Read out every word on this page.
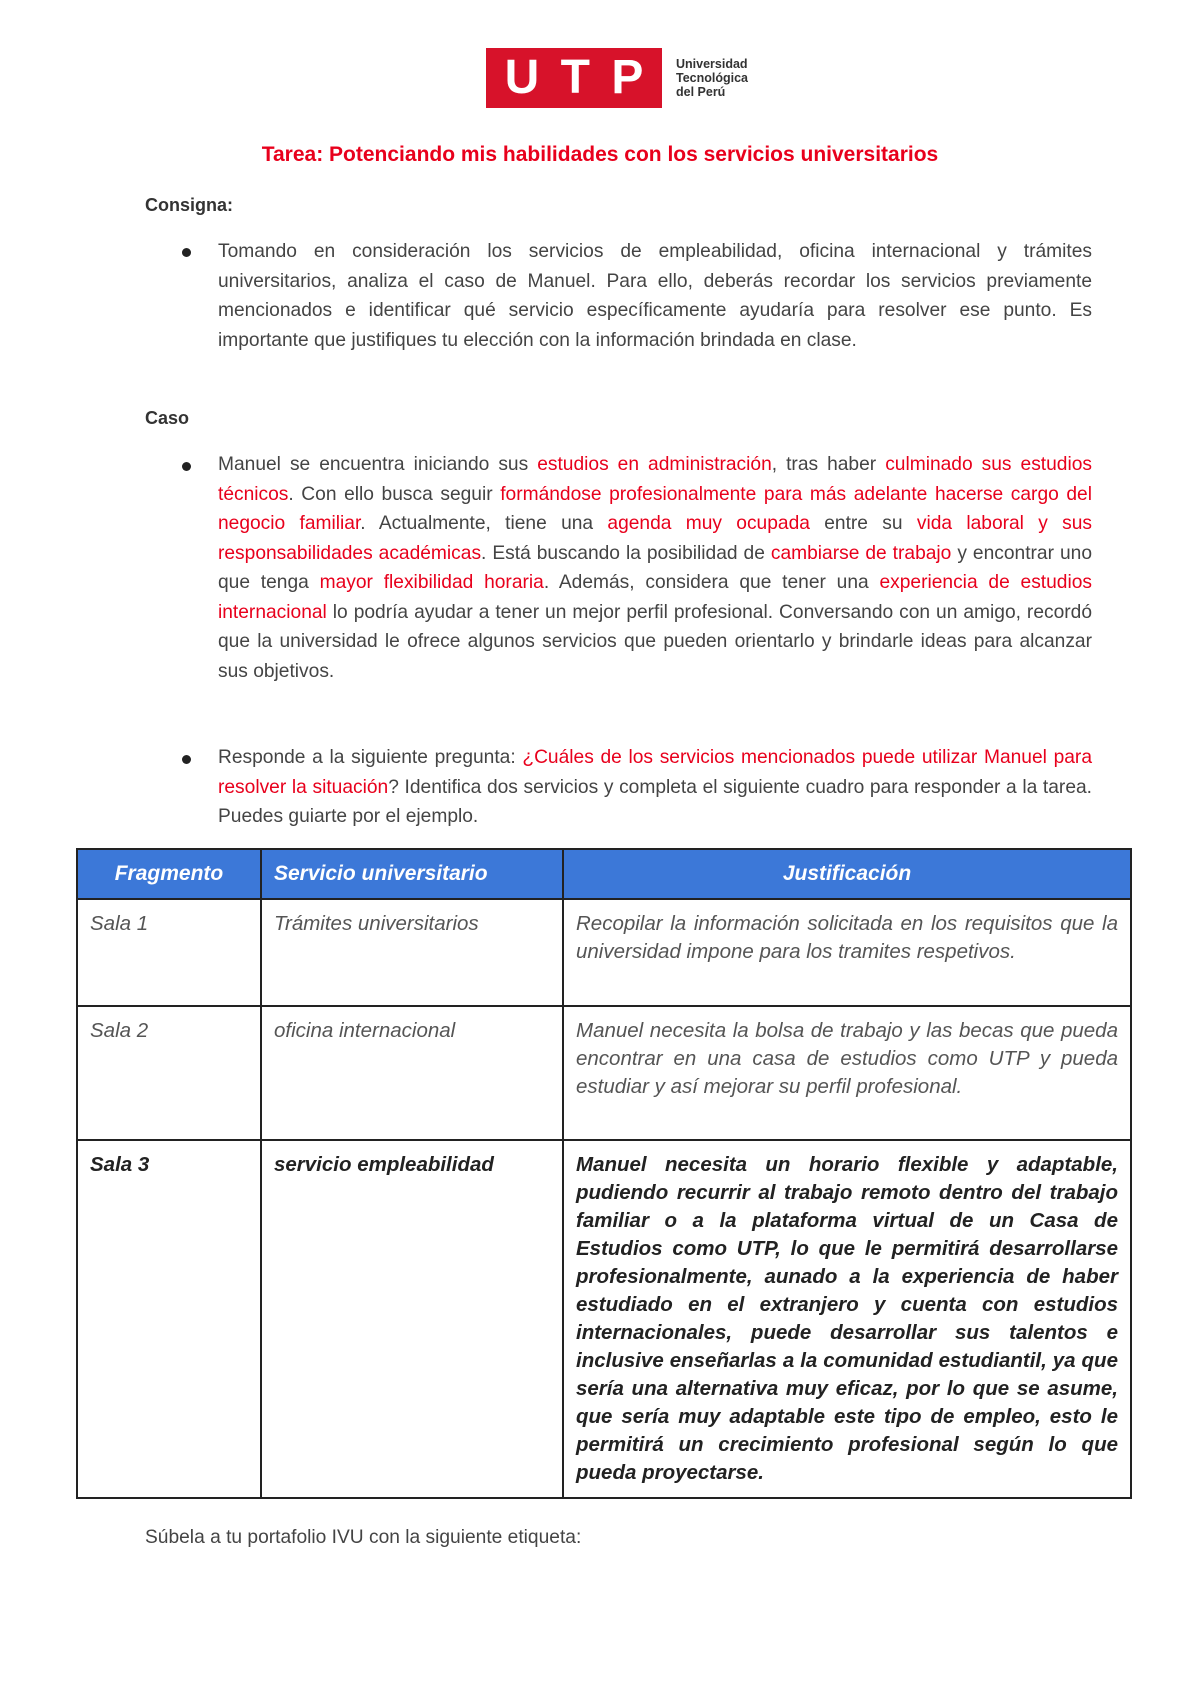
U T P	Universidad
Tecnológica
del Perú
Tarea: Potenciando mis habilidades con los servicios universitarios
Consigna:
Tomando en consideración los servicios de empleabilidad, oficina internacional y trámites universitarios, analiza el caso de Manuel. Para ello, deberás recordar los servicios previamente mencionados e identificar qué servicio específicamente ayudaría para resolver ese punto. Es importante que justifiques tu elección con la información brindada en clase.
Caso
Manuel se encuentra iniciando sus estudios en administración, tras haber culminado sus estudios técnicos. Con ello busca seguir formándose profesionalmente para más adelante hacerse cargo del negocio familiar. Actualmente, tiene una agenda muy ocupada entre su vida laboral y sus responsabilidades académicas. Está buscando la posibilidad de cambiarse de trabajo y encontrar uno que tenga mayor flexibilidad horaria. Además, considera que tener una experiencia de estudios internacional lo podría ayudar a tener un mejor perfil profesional. Conversando con un amigo, recordó que la universidad le ofrece algunos servicios que pueden orientarlo y brindarle ideas para alcanzar sus objetivos.
Responde a la siguiente pregunta: ¿Cuáles de los servicios mencionados puede utilizar Manuel para resolver la situación? Identifica dos servicios y completa el siguiente cuadro para responder a la tarea. Puedes guiarte por el ejemplo.
Fragmento	Servicio universitario	Justificación
Sala 1	Trámites universitarios	Recopilar la información solicitada en los requisitos que la universidad impone para los tramites respetivos.
Sala 2	oficina internacional	Manuel necesita la bolsa de trabajo y las becas que pueda encontrar en una casa de estudios como UTP y pueda estudiar y así mejorar su perfil profesional.
Sala 3	servicio empleabilidad	Manuel necesita un horario flexible y adaptable, pudiendo recurrir al trabajo remoto dentro del trabajo familiar o a la plataforma virtual de un Casa de Estudios como UTP, lo que le permitirá desarrollarse profesionalmente, aunado a la experiencia de haber estudiado en el extranjero y cuenta con estudios internacionales, puede desarrollar sus talentos e inclusive enseñarlas a la comunidad estudiantil, ya que sería una alternativa muy eficaz, por lo que se asume, que sería muy adaptable este tipo de empleo, esto le permitirá un crecimiento profesional según lo que pueda proyectarse.
Súbela a tu portafolio IVU con la siguiente etiqueta:
